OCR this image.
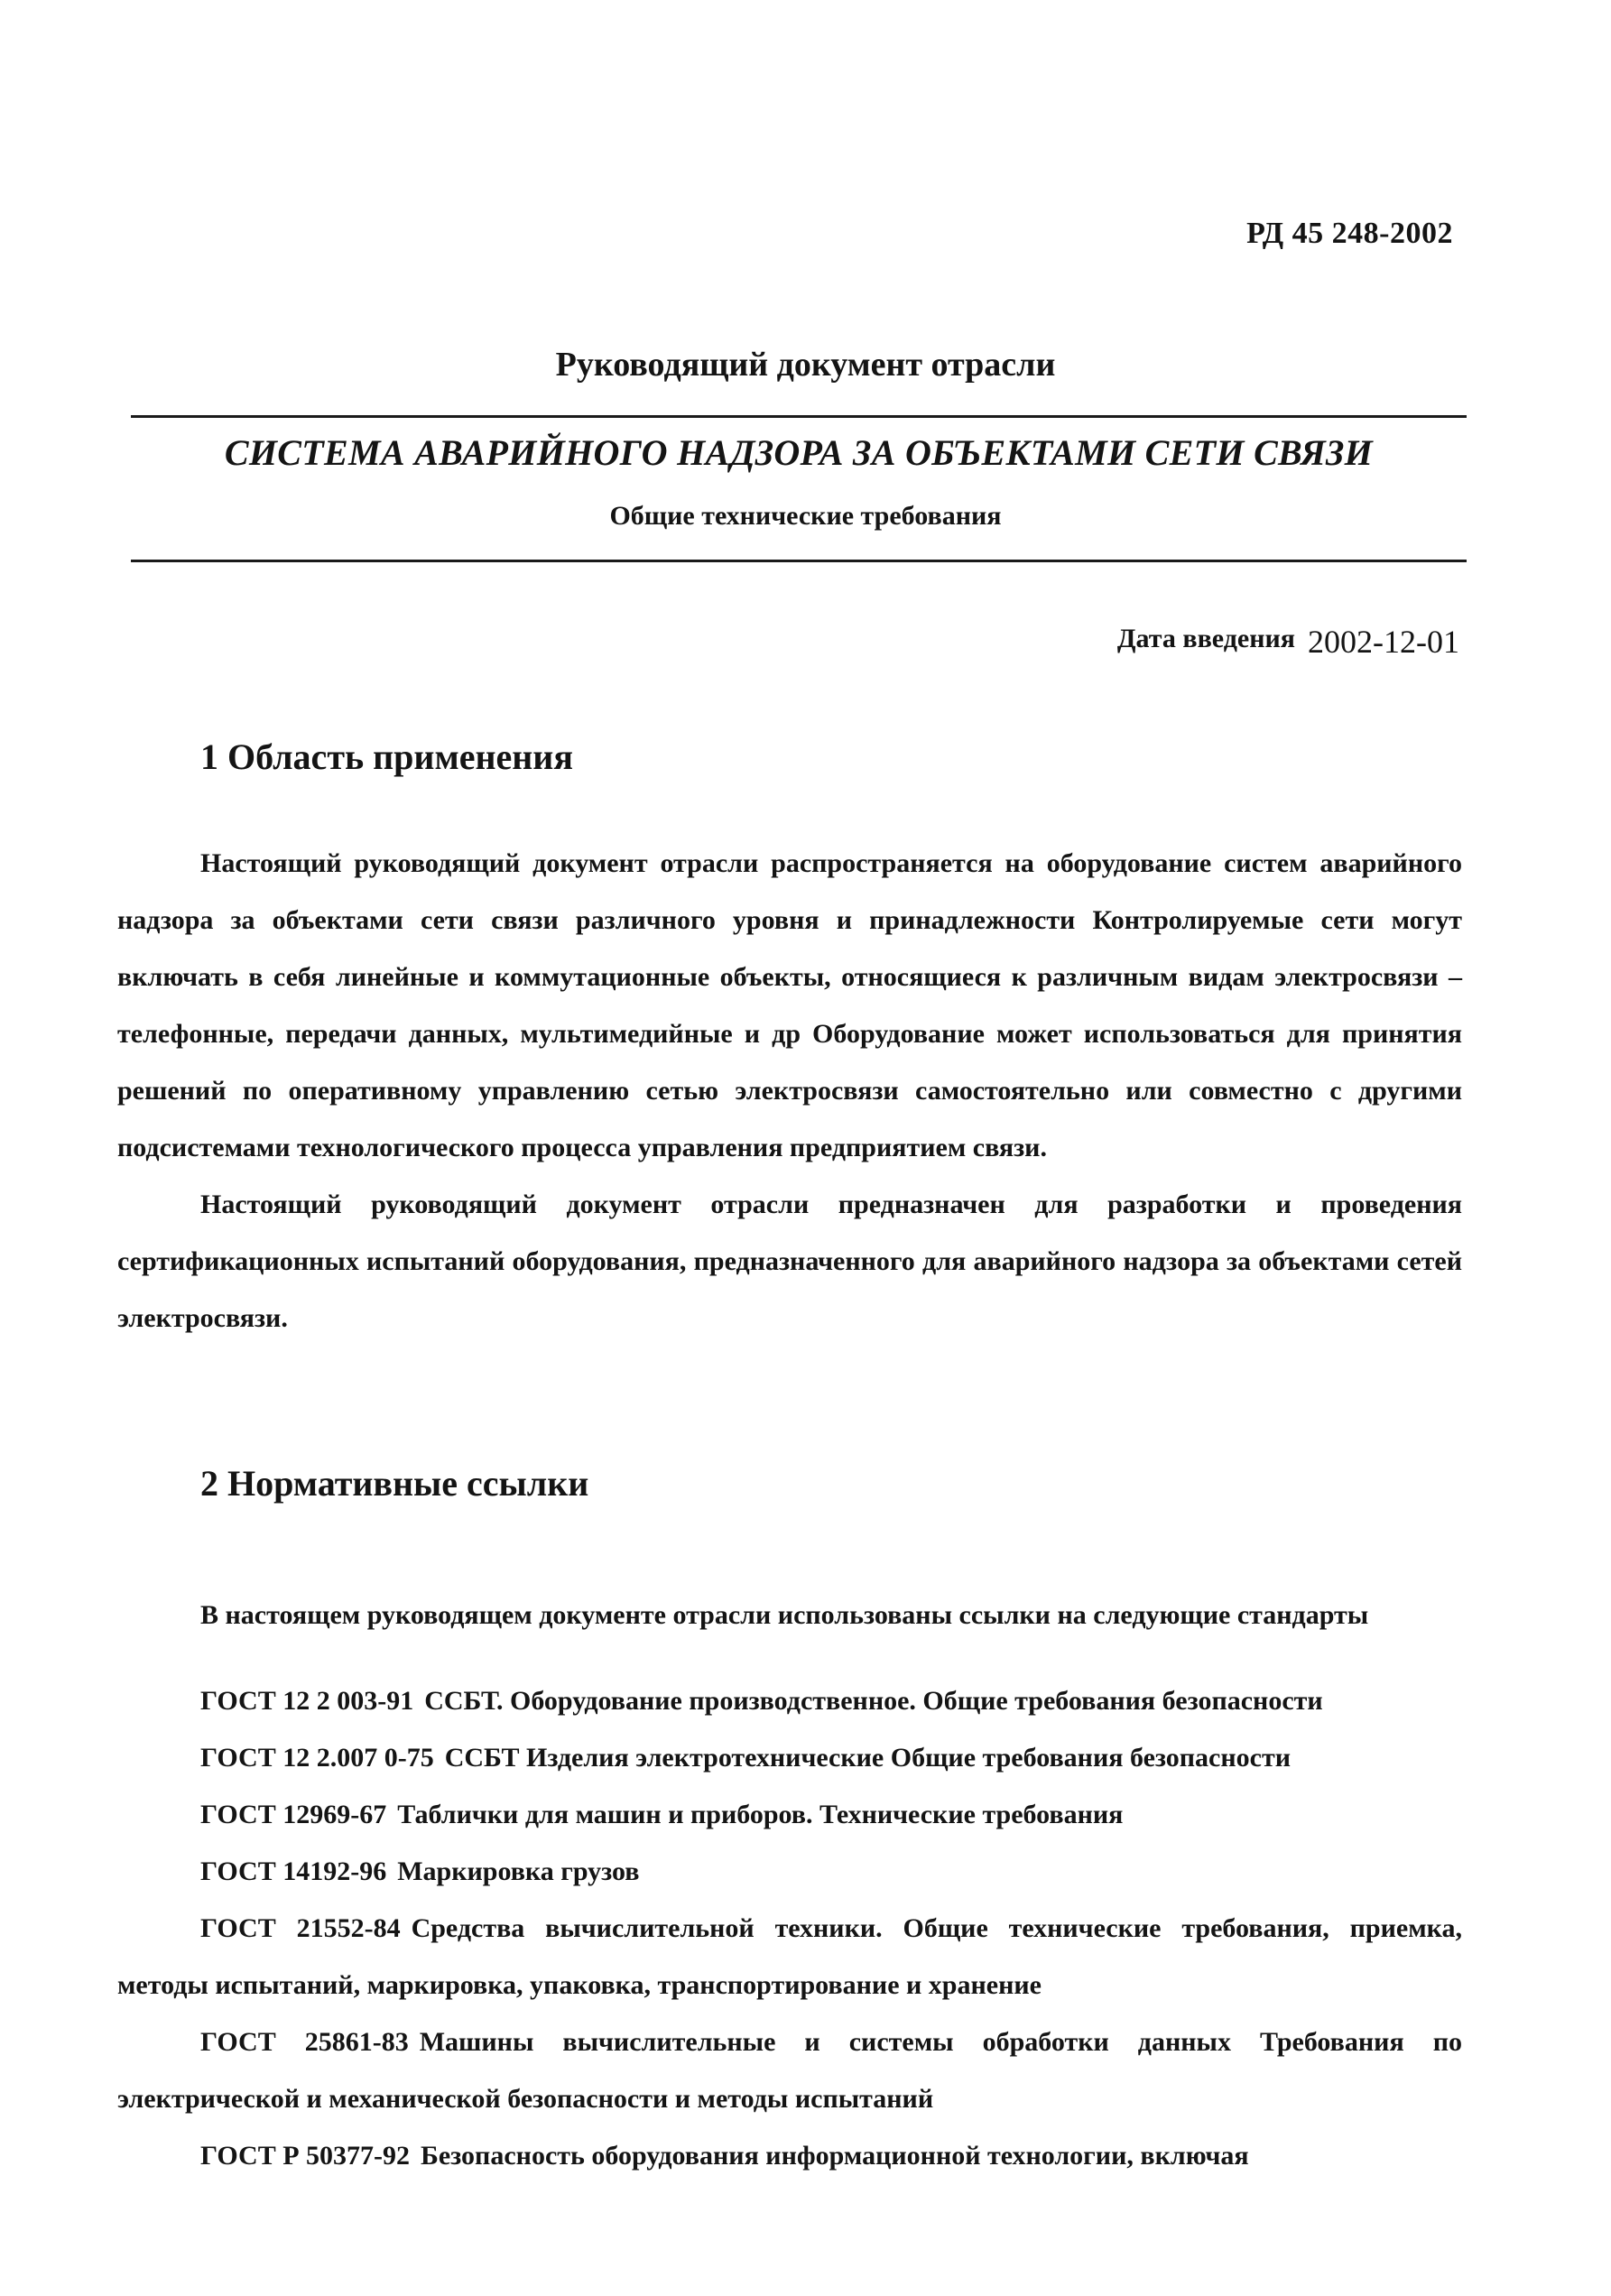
РД 45 248-2002
Руководящий документ отрасли
СИСТЕМА АВАРИЙНОГО НАДЗОРА ЗА ОБЪЕКТАМИ СЕТИ СВЯЗИ
Общие технические требования
Дата введения 2002-12-01
1 Область применения

Настоящий руководящий документ отрасли распространяется на оборудование систем аварийного надзора за объектами сети связи различного уровня и принадлежности Контролируемые сети могут включать в себя линейные и коммутационные объекты, относящиеся к различным видам электросвязи – телефонные, передачи данных, мультимедийные и др Оборудование может использоваться для принятия решений по оперативному управлению сетью электросвязи самостоятельно или совместно с другими подсистемами технологического процесса управления предприятием связи.

Настоящий руководящий документ отрасли предназначен для разработки и проведения сертификационных испытаний оборудования, предназначенного для аварийного надзора за объектами сетей электросвязи.

2 Нормативные ссылки

В настоящем руководящем документе отрасли использованы ссылки на следующие стандарты

ГОСТ 12 2 003-91 ССБТ. Оборудование производственное. Общие требования безопасности

ГОСТ 12 2.007 0-75 ССБТ Изделия электротехнические Общие требования безопасности

ГОСТ 12969-67 Таблички для машин и приборов. Технические требования

ГОСТ 14192-96 Маркировка грузов

ГОСТ 21552-84 Средства вычислительной техники. Общие технические требования, приемка, методы испытаний, маркировка, упаковка, транспортирование и хранение

ГОСТ 25861-83 Машины вычислительные и системы обработки данных Требования по электрической и механической безопасности и методы испытаний

ГОСТ Р 50377-92 Безопасность оборудования информационной технологии, включая
